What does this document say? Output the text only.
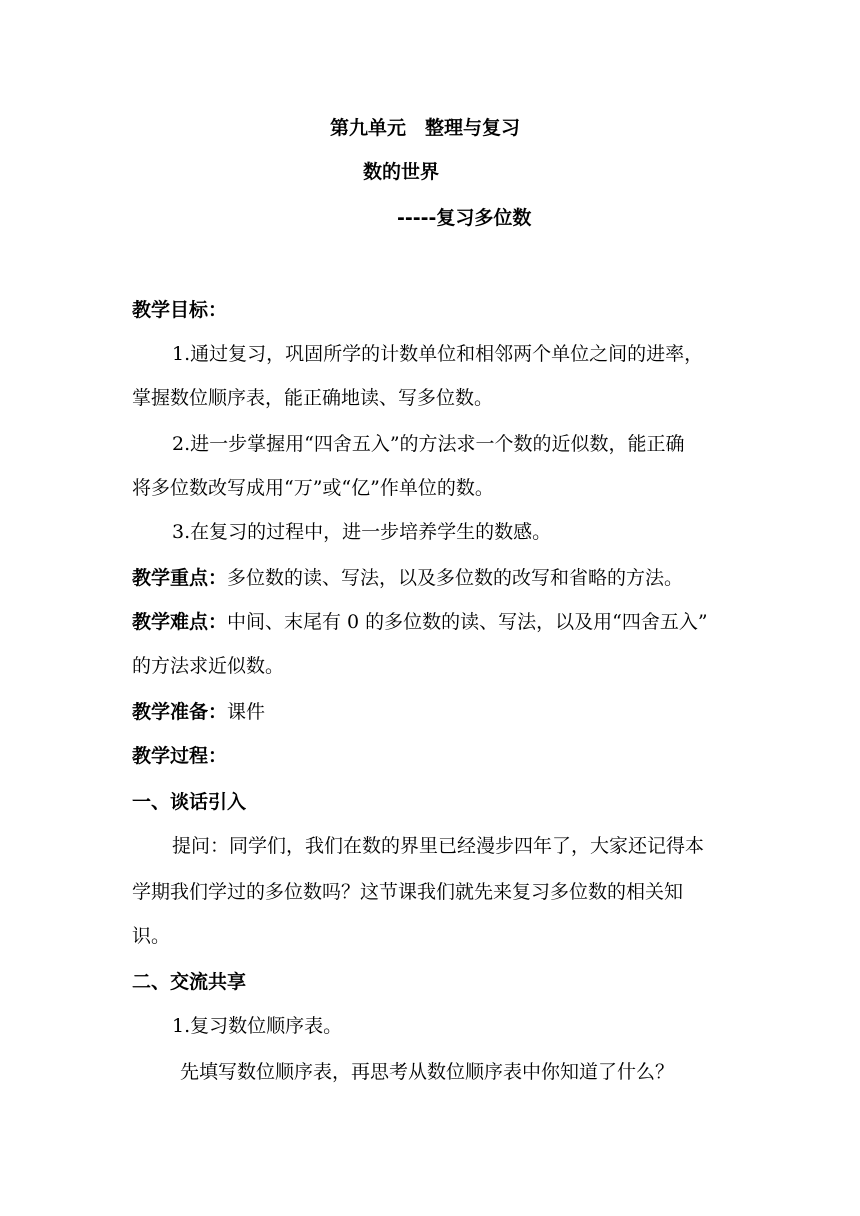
第九单元　整理与复习
数的世界
-----复习多位数
教学目标：
1.通过复习，巩固所学的计数单位和相邻两个单位之间的进率，
掌握数位顺序表，能正确地读、写多位数。
2.进一步掌握用“四舍五入”的方法求一个数的近似数，能正确
将多位数改写成用“万”或“亿”作单位的数。
3.在复习的过程中，进一步培养学生的数感。
教学重点：多位数的读、写法，以及多位数的改写和省略的方法。
教学难点：中间、末尾有 0 的多位数的读、写法，以及用“四舍五入”
的方法求近似数。
教学准备：课件
教学过程：
一、谈话引入
提问：同学们，我们在数的界里已经漫步四年了，大家还记得本
学期我们学过的多位数吗？这节课我们就先来复习多位数的相关知
识。
二、交流共享
1.复习数位顺序表。
先填写数位顺序表，再思考从数位顺序表中你知道了什么？
